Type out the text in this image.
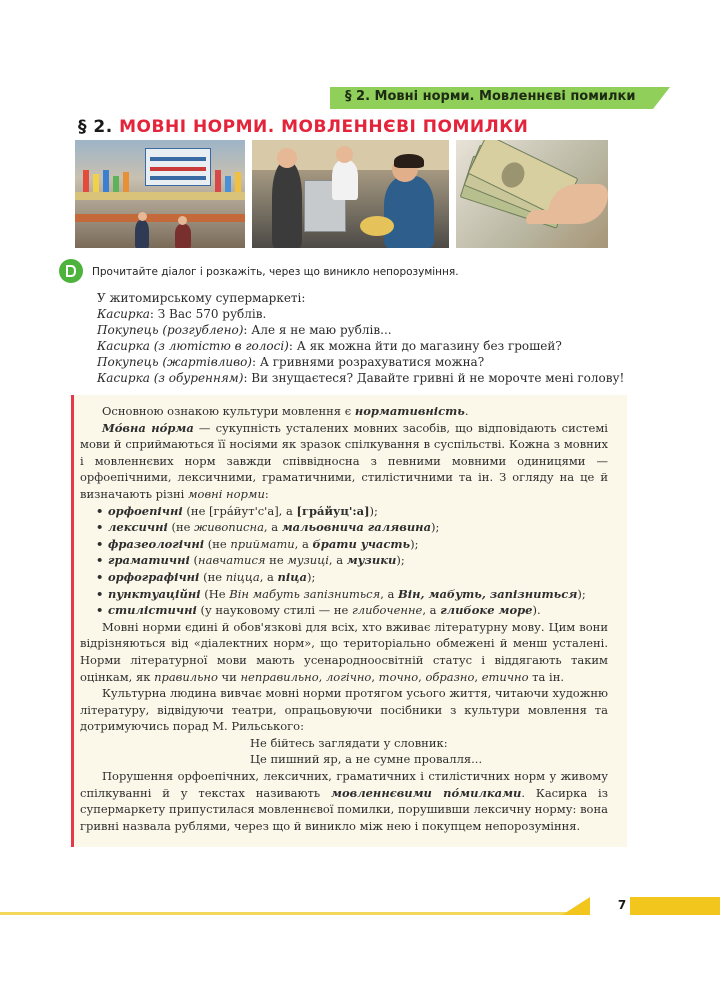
§ 2. Мовні норми. Мовленнєві помилки
§ 2. МОВНІ НОРМИ. МОВЛЕННЄВІ ПОМИЛКИ
Прочитайте діалог і розкажіть, через що виникло непорозуміння.
У житомирському супермаркеті:
Касирка: З Вас 570 рублів.
Покупець (розгублено): Але я не маю рублів...
Касирка (з лютістю в голосі): А як можна йти до магазину без грошей?
Покупець (жартівливо): А гривнями розрахуватися можна?
Касирка (з обуренням): Ви знущаєтеся? Давайте гривні й не морочте мені голову!

Основною ознакою культури мовлення є нормативність.

Мо́вна но́рма — сукупність усталених мовних засобів, що відповідають системі мови й сприймаються її носіями як зразок спілкування в суспільстві. Кожна з мовних і мовленнєвих норм завжди співвідносна з певними мовними одиницями — орфоепічними, лексичними, граматичними, стилістичними та ін. З огляду на це й визначають різні мовні норми:

• орфоепічні (не [грáйут'с'а], а [гра́йуц':а]);
• лексичні (не живописна, а мальовнича галявина);
• фразеологічні (не приймати, а брати участь);
• граматичні (навчатися не музиці, а музики);
• орфографічні (не піцца, а піца);
• пунктуаційні (Не Він мабуть запізниться, а Він, мабуть, запізниться);
• стилістичні (у науковому стилі — не глибоченне, а глибоке море).

Мовні норми єдині й обов'язкові для всіх, хто вживає літературну мову. Цим вони відрізняються від «діалектних норм», що територіально обмежені й менш усталені. Норми літературної мови мають усенародноосвітній статус і віддягають таким оцінкам, як правильно чи неправильно, логічно, точно, образно, етично та ін.

Культурна людина вивчає мовні норми протягом усього життя, читаючи художню літературу, відвідуючи театри, опрацьовуючи посібники з культури мовлення та дотримуючись порад М. Рильського:

Не бійтесь заглядати у словник:

Це пишний яр, а не сумне провалля...

Порушення орфоепічних, лексичних, граматичних і стилістичних норм у живому спілкуванні й у текстах називають мовленнєвими по́милками. Касирка із супермаркету припустилася мовленнєвої помилки, порушивши лексичну норму: вона гривні назвала рублями, через що й виникло між нею і покупцем непорозуміння.

7
